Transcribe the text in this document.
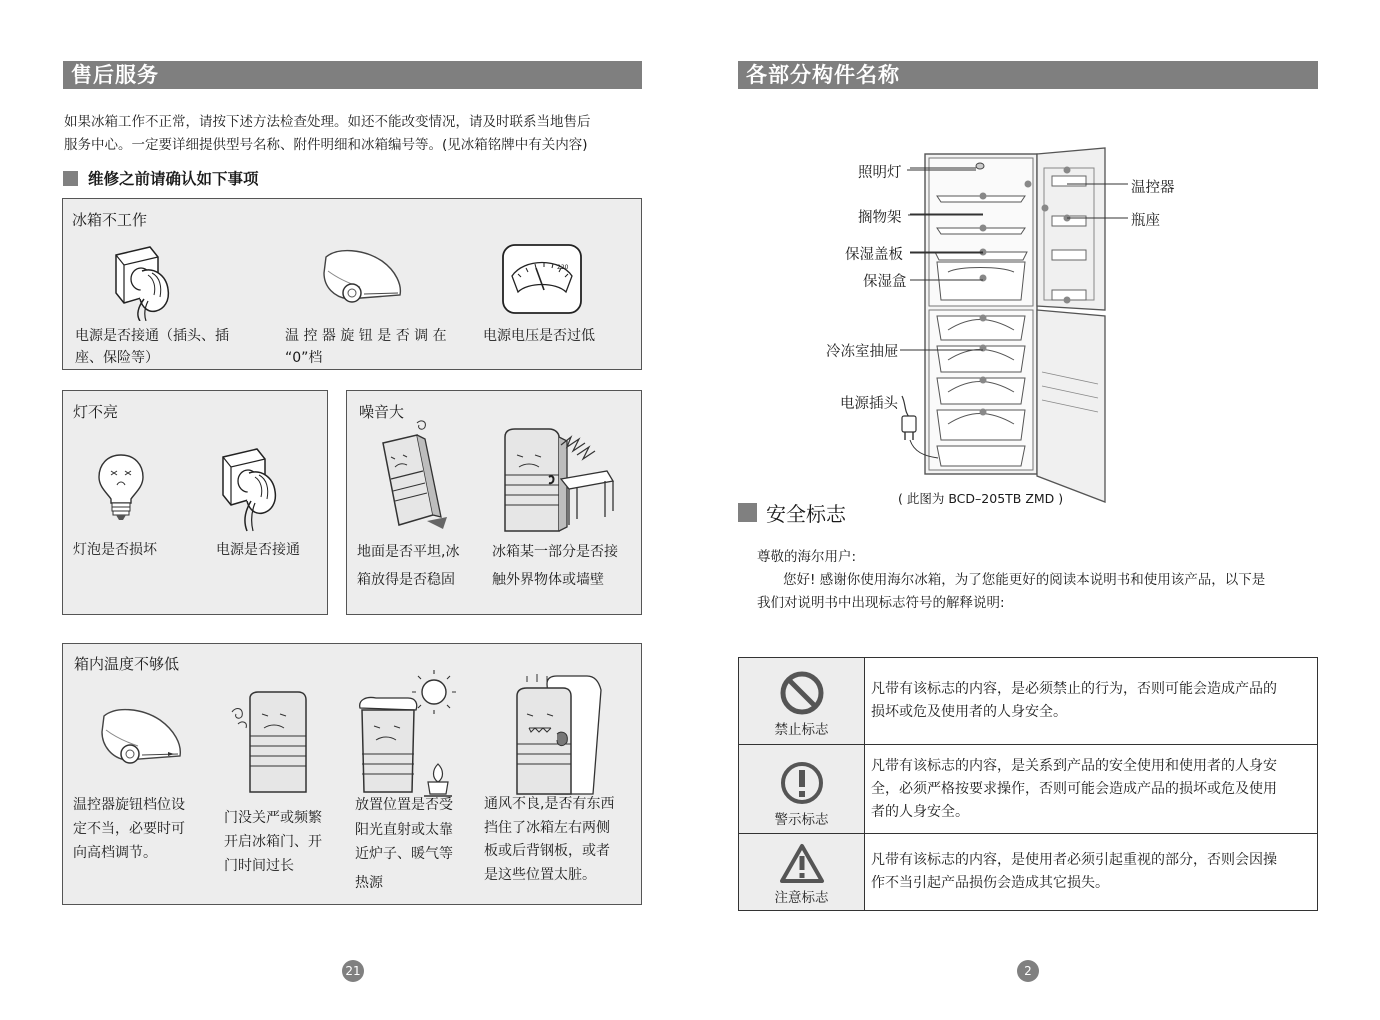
售后服务
如果冰箱工作不正常，请按下述方法检查处理。如还不能改变情况，请及时联系当地售后
服务中心。一定要详细提供型号名称、附件明细和冰箱编号等。(见冰箱铭牌中有关内容)
维修之前请确认如下事项
冰箱不工作
220
电源是否接通（插头、插
座、保险等）
温 控 器 旋 钮 是 否 调 在
“0”档
电源电压是否过低
灯不亮
灯泡是否损坏	电源是否接通
噪音大
地面是否平坦,冰
箱放得是否稳固
冰箱某一部分是否接
触外界物体或墙壁
箱内温度不够低
温控器旋钮档位设
定不当，必要时可
向高档调节。
门没关严或频繁
开启冰箱门、开
门时间过长
放置位置是否受
阳光直射或太靠
近炉子、暖气等
热源
通风不良,是否有东西
挡住了冰箱左右两侧
板或后背钢板，或者
是这些位置太脏。
21
各部分构件名称
照明灯
搁物架
保湿盖板
保湿盒
冷冻室抽屉
电源插头
温控器
瓶座
( 此图为 BCD–205TB ZMD )
安全标志
尊敬的海尔用户:
您好! 感谢你使用海尔冰箱，为了您能更好的阅读本说明书和使用该产品，以下是
我们对说明书中出现标志符号的解释说明:
禁止标志	凡带有该标志的内容，是必须禁止的行为，否则可能会造成产品的
损坏或危及使用者的人身安全。

警示标志	凡带有该标志的内容，是关系到产品的安全使用和使用者的人身安
全，必须严格按要求操作，否则可能会造成产品的损坏或危及使用
者的人身安全。

注意标志	凡带有该标志的内容，是使用者必须引起重视的部分，否则会因操
作不当引起产品损伤会造成其它损失。
2
